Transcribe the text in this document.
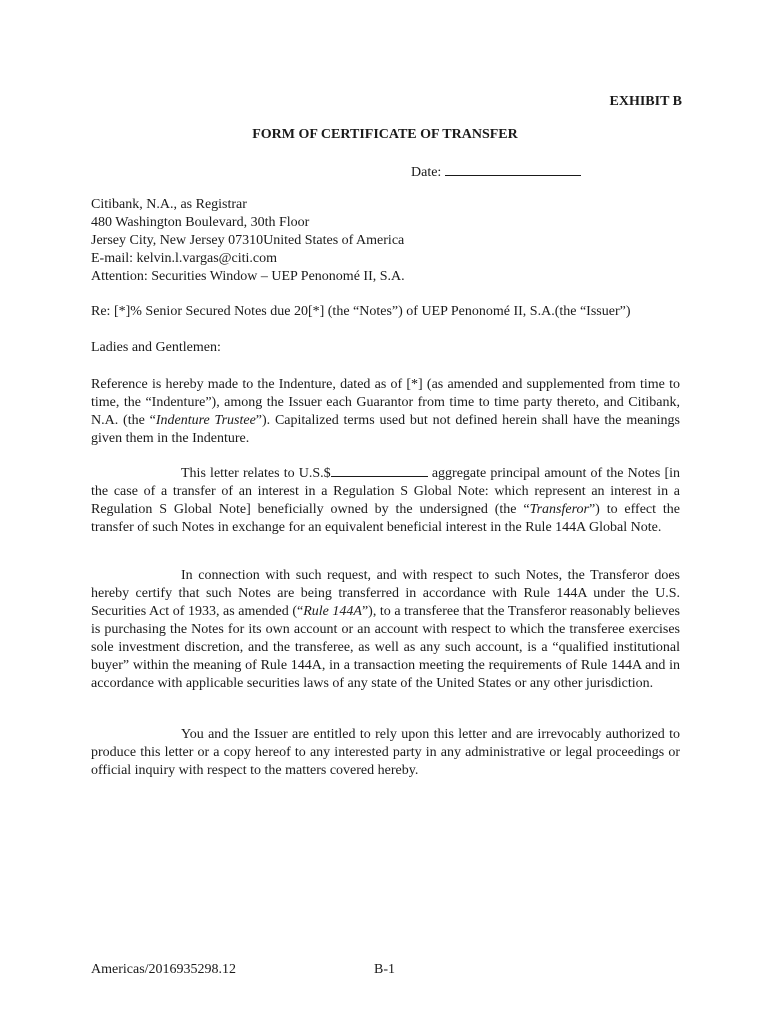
EXHIBIT B
FORM OF CERTIFICATE OF TRANSFER
Date:
Citibank, N.A., as Registrar
480 Washington Boulevard, 30th Floor
Jersey City, New Jersey 07310United States of America
E-mail: kelvin.l.vargas@citi.com
Attention: Securities Window – UEP Penonomé II, S.A.
Re: [*]% Senior Secured Notes due 20[*] (the “Notes”) of UEP Penonomé II, S.A.(the “Issuer”)
Ladies and Gentlemen:
Reference is hereby made to the Indenture, dated as of [*] (as amended and supplemented from time to time, the “Indenture”), among the Issuer each Guarantor from time to time party thereto, and Citibank, N.A. (the “Indenture Trustee”). Capitalized terms used but not defined herein shall have the meanings given them in the Indenture.
This letter relates to U.S.$	aggregate principal amount of the Notes [in the case of a transfer of an interest in a Regulation S Global Note: which represent an interest in a Regulation S Global Note] beneficially owned by the undersigned (the “Transferor”) to effect the transfer of such Notes in exchange for an equivalent beneficial interest in the Rule 144A Global Note.
In connection with such request, and with respect to such Notes, the Transferor does hereby certify that such Notes are being transferred in accordance with Rule 144A under the U.S. Securities Act of 1933, as amended (“Rule 144A”), to a transferee that the Transferor reasonably believes is purchasing the Notes for its own account or an account with respect to which the transferee exercises sole investment discretion, and the transferee, as well as any such account, is a “qualified institutional buyer” within the meaning of Rule 144A, in a transaction meeting the requirements of Rule 144A and in accordance with applicable securities laws of any state of the United States or any other jurisdiction.
You and the Issuer are entitled to rely upon this letter and are irrevocably authorized to produce this letter or a copy hereof to any interested party in any administrative or legal proceedings or official inquiry with respect to the matters covered hereby.
Americas/2016935298.12	B-1
